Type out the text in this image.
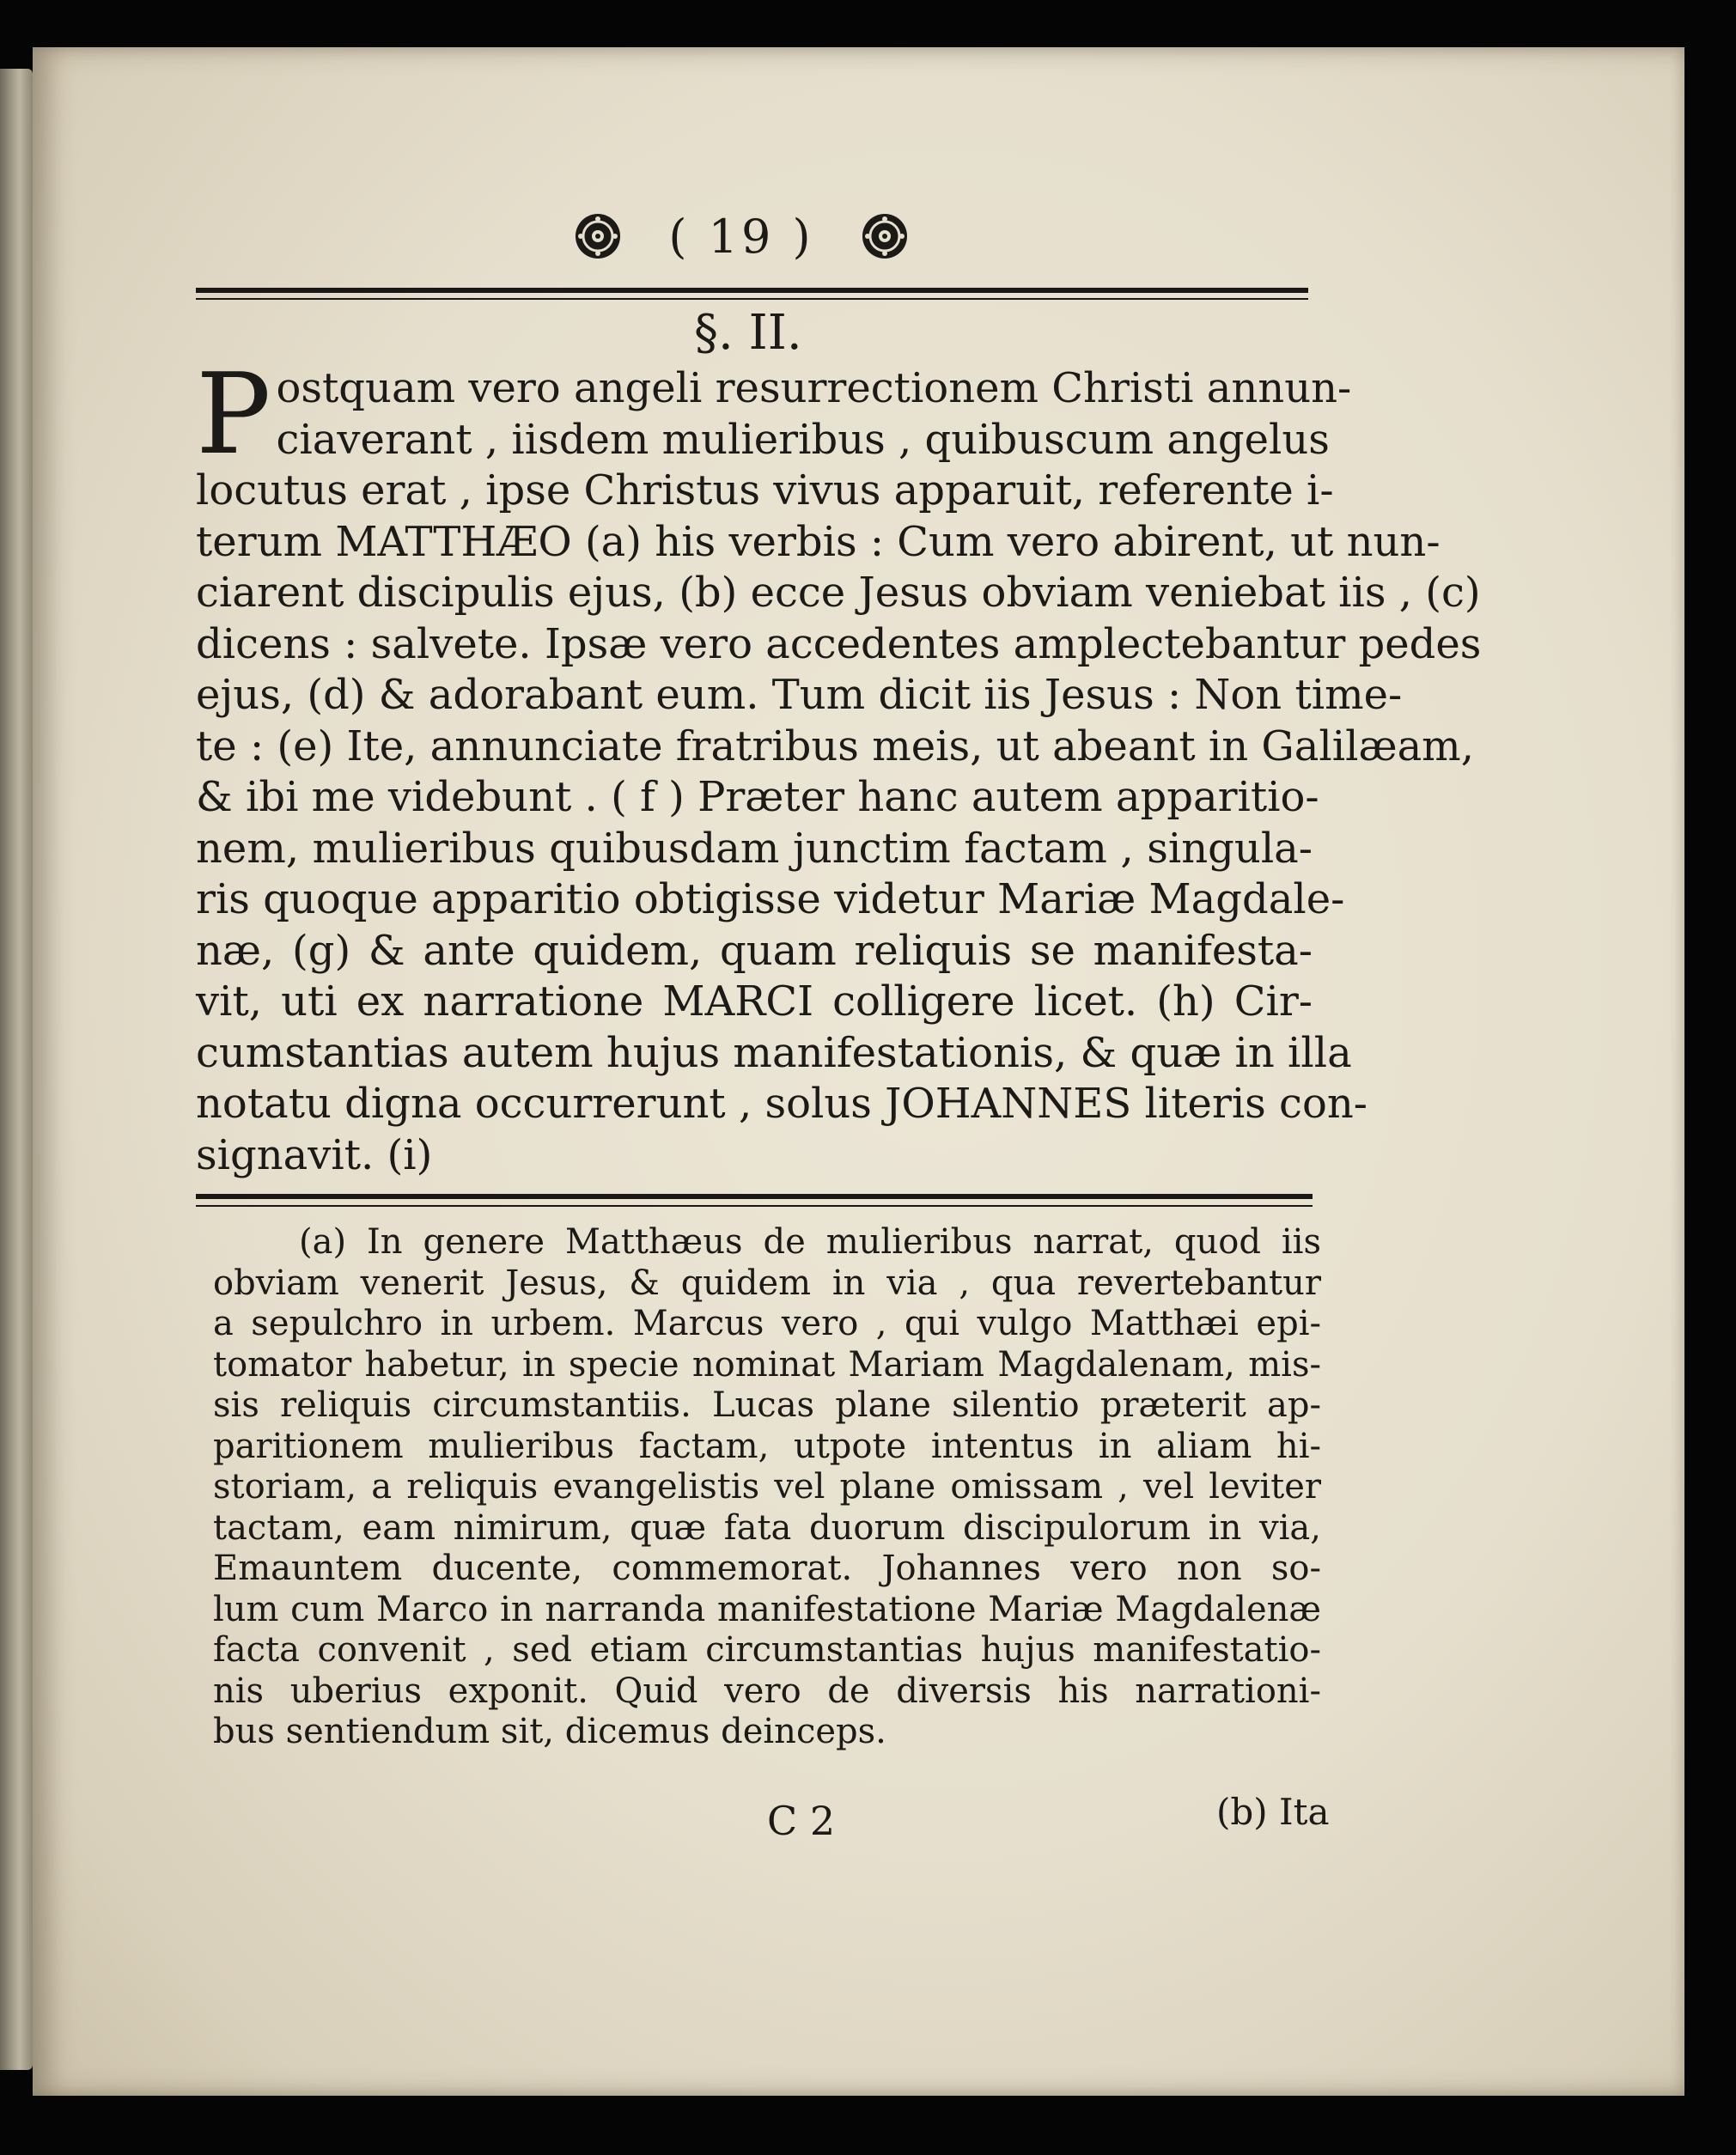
( 19 )
§. II.
P ostquam vero angeli resurrectionem Christi annun-
ciaverant , iisdem mulieribus , quibuscum angelus
locutus erat , ipse Christus vivus apparuit, referente i-
terum MATTHÆO (a) his verbis : Cum vero abirent, ut nun-
ciarent discipulis ejus, (b) ecce Jesus obviam veniebat iis , (c)
dicens : salvete. Ipsæ vero accedentes amplectebantur pedes
ejus, (d) & adorabant eum. Tum dicit iis Jesus : Non time-
te : (e) Ite, annunciate fratribus meis, ut abeant in Galilæam,
& ibi me videbunt . ( f ) Præter hanc autem apparitio-
nem, mulieribus quibusdam junctim factam , singula-
ris quoque apparitio obtigisse videtur Mariæ Magdale-
næ, (g) & ante quidem, quam reliquis se manifesta-
vit, uti ex narratione MARCI colligere licet. (h) Cir-
cumstantias autem hujus manifestationis, & quæ in illa
notatu digna occurrerunt , solus JOHANNES literis con-
signavit. (i)
(a) In genere Matthæus de mulieribus narrat, quod iis
obviam venerit Jesus, & quidem in via , qua revertebantur
a sepulchro in urbem. Marcus vero , qui vulgo Matthæi epi-
tomator habetur, in specie nominat Mariam Magdalenam, mis-
sis reliquis circumstantiis. Lucas plane silentio præterit ap-
paritionem mulieribus factam, utpote intentus in aliam hi-
storiam, a reliquis evangelistis vel plane omissam , vel leviter
tactam, eam nimirum, quæ fata duorum discipulorum in via,
Emauntem ducente, commemorat. Johannes vero non so-
lum cum Marco in narranda manifestatione Mariæ Magdalenæ
facta convenit , sed etiam circumstantias hujus manifestatio-
nis uberius exponit. Quid vero de diversis his narrationi-
bus sentiendum sit, dicemus deinceps.
C 2	(b) Ita
